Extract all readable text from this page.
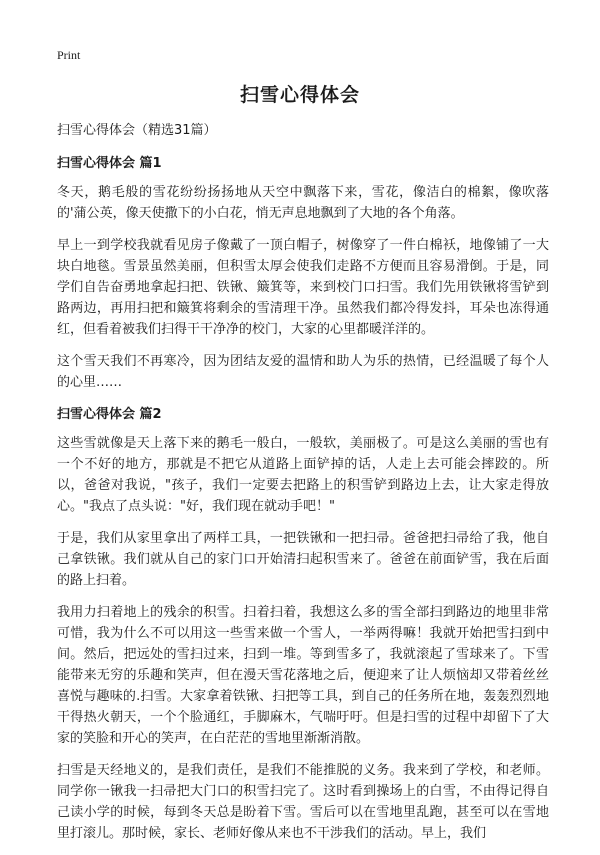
Print
扫雪心得体会

扫雪心得体会（精选31篇）

扫雪心得体会 篇1

冬天，鹅毛般的雪花纷纷扬扬地从天空中飘落下来，雪花，像洁白的棉絮，像吹落的'蒲公英，像天使撒下的小白花，悄无声息地飘到了大地的各个角落。

早上一到学校我就看见房子像戴了一顶白帽子，树像穿了一件白棉袄，地像铺了一大块白地毯。雪景虽然美丽，但积雪太厚会使我们走路不方便而且容易滑倒。于是，同学们自告奋勇地拿起扫把、铁锹、簸箕等，来到校门口扫雪。我们先用铁锹将雪铲到路两边，再用扫把和簸箕将剩余的雪清理干净。虽然我们都冷得发抖，耳朵也冻得通红，但看着被我们扫得干干净净的校门，大家的心里都暖洋洋的。

这个雪天我们不再寒冷，因为团结友爱的温情和助人为乐的热情，已经温暖了每个人的心里……

扫雪心得体会 篇2

这些雪就像是天上落下来的鹅毛一般白，一般软，美丽极了。可是这么美丽的雪也有一个不好的地方，那就是不把它从道路上面铲掉的话，人走上去可能会摔跤的。所以，爸爸对我说，"孩子，我们一定要去把路上的积雪铲到路边上去，让大家走得放心。"我点了点头说："好，我们现在就动手吧！"

于是，我们从家里拿出了两样工具，一把铁锹和一把扫帚。爸爸把扫帚给了我，他自己拿铁锹。我们就从自己的家门口开始清扫起积雪来了。爸爸在前面铲雪，我在后面的路上扫着。

我用力扫着地上的残余的积雪。扫着扫着，我想这么多的雪全部扫到路边的地里非常可惜，我为什么不可以用这一些雪来做一个雪人，一举两得嘛！我就开始把雪扫到中间。然后，把远处的雪扫过来，扫到一堆。等到雪多了，我就滚起了雪球来了。下雪能带来无穷的乐趣和笑声，但在漫天雪花落地之后，便迎来了让人烦恼却又带着丝丝喜悦与趣味的.扫雪。大家拿着铁锹、扫把等工具，到自己的任务所在地，轰轰烈烈地干得热火朝天，一个个脸通红，手脚麻木，气喘吁吁。但是扫雪的过程中却留下了大家的笑脸和开心的笑声，在白茫茫的雪地里渐渐消散。

扫雪是天经地义的，是我们责任，是我们不能推脱的义务。我来到了学校，和老师。同学你一锹我一扫帚把大门口的积雪扫完了。这时看到操场上的白雪，不由得记得自己读小学的时候，每到冬天总是盼着下雪。雪后可以在雪地里乱跑，甚至可以在雪地里打滚儿。那时候，家长、老师好像从来也不干涉我们的活动。早上，我们
